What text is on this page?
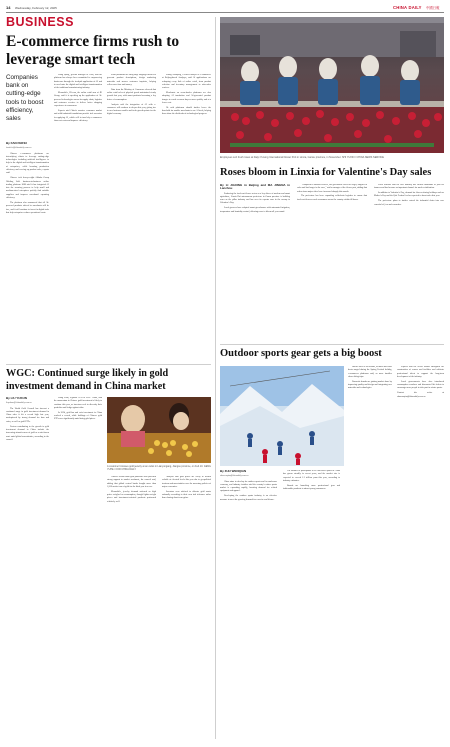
14 Wednesday, February 12, 2025	CHINA DAILY 中國日報
BUSINESS
E-commerce firms rush to leverage smart tech
Companies bank on cutting-edge tools to boost efficiency, sales
By FAN FEIFEI
fanfeifei@chinadaily.com.cn

Chinese e-commerce platforms are intensifying efforts to leverage cutting-edge technologies including artificial intelligence to help in the digital and intelligent transformation of enterprises, while boosting production efficiency and revving up product sales, experts said.

Chinese tech heavyweight Alibaba Group Holding Ltd's business-to-business online trading platform 1688 said it has integrated AI into the sourcing process to help small and medium-sized enterprises quickly find suitable suppliers and improve merchants' operating efficiency.

The platform also announced that all AI-powered products offered to merchants will be free, and it will continue to invest in digital tools that help enterprises reduce operational costs.

Wang Qiang, general manager of 1688, said the platform has always been committed to empowering businesses through the in-depth application of AI and to accelerate the digital and intelligent transformation of the traditional manufacturing industry.

Meanwhile, JD.com, the online retail arm of JD Group, said it is speeding up the application of AI-powered technologies across its supply chain, logistics and customer services to deliver better shopping experiences to consumers.

Experts said China's massive consumer market and solid industrial foundations provide rich scenarios for applying AI, which will in turn help e-commerce firms cut costs and improve efficiency.

Some platforms are using large language models to generate product descriptions, design marketing materials and answer customer inquiries, helping sellers save time and money.

Data from the Ministry of Commerce showed that online retail sales of physical goods maintained steady growth last year, with smart products becoming a key driver of consumption.

Analysts said the integration of AI with e-commerce will continue to deepen this year, giving rise to new business models and fresh growth points for the digital economy.

Zhang Zhouping, a senior analyst of e-commerce at Beijing-based Analysys, said AI applications are reshaping every link of online retail, from product selection and inventory management to after-sales services.

Merchants on cross-border platforms are also adopting AI translation and AI-generated product images to reach overseas buyers more quickly and at a lower cost.

He said platforms should further lower the threshold for smaller merchants to use AI tools, helping them share the dividends of technological progress.

Employees sort fresh roses at Daiyi Yunong International Flower Port in Linxia, Gansu province, in November. SHI YUXIN / CHINA NEWS SERVICE
Roses bloom in Linxia for Valentine's Day sales
By LI JIAXING in Beijing and MA JINGNA in Lanzhou

Producing the fresh-cut flower sector as a key driver of modern and smart agriculture, Linxia Hui autonomous prefecture in Gansu province is building roses as the pillar industry and has seen its exports soar in the run-up to Valentine's Day.

Local growers have adopted smart greenhouses with automated irrigation, temperature and humidity control, allowing roses to bloom all year round.

"Compared to outdoor flowers, our greenhouse roses are larger, brighter in color and last longer in the vase," said a manager of the flower port, adding that orders from major cities have increased sharply this month.

The prefecture has been expanding cold-chain logistics to ensure that fresh-cut flowers reach consumers across the country within 48 hours.

Local officials said the rose industry has created thousands of jobs for farmers and has become an important channel for rural revitalization.

In addition to Valentine's Day, demand for flowers during holidays such as Mother's Day and the Qixi Festival is also expected to boost sales this year.

The prefecture plans to further extend the industrial chain into rose essential oil, tea and cosmetics.

WGC: Continued surge likely in gold investment demand in China market
By LIU YUKUN
liuyukun@chinadaily.com.cn

The World Gold Council has forecast a continued surge in gold investment demand in China after it hit a record high last year, underpinned by strong demand for bars and coins, as well as gold ETFs.

Factors contributing to the growth in gold investment demand in China include the increasing attractiveness of gold as a safe-haven asset amid global uncertainties, according to the council.

Wang Lixin, regional CEO of WGC China, said the momentum in Chinese gold investment is likely to continue this year, as investors seek to diversify their portfolios and hedge against risks.

In 2024, gold bar and coin investment in China reached a record, while holdings of Chinese gold ETFs rose significantly amid rising gold prices.

A customer browses gold jewelry at an outlet in Lianyungang, Jiangsu province, on Feb 10. GENG YUHE / FOR CHINA DAILY

Chinese central bank gold purchases also provided strong support to market sentiment, the council said, adding that global central banks bought more than 1,000 metric tons of gold for the third year in a row.

Meanwhile, jewelry demand softened as high prices weighed on consumption, though lighter-weight pieces and investment-oriented products performed relatively well.

Analysts said gold prices are likely to remain volatile at elevated levels this year due to geopolitical tensions and uncertainties over the monetary policies of major economies.

Investors were advised to allocate gold assets rationally according to their own risk tolerance rather than chasing short-term gains.

Outdoor sports gear gets a big boost
By ZHU WENQIAN
zhuwenqian@chinadaily.com.cn

China aims to develop its outdoor sports and ice-and-snow economy, and industry insiders said the country's winter sports market is expanding rapidly, boosting demand for related equipment and apparel.

Developing the outdoor sports industry is an effective measure to meet the growing demand for exercise and leisure.

The number of participants in ice and snow sports in China has grown steadily in recent years, and the market size is expected to exceed 1.2 trillion yuan this year, according to industry estimates.

Brands are launching more professional gear and fashionable products to attract young consumers.

Online sales of ski boards, helmets and snow boots surged during the Spring Festival holiday, e-commerce platforms said, as more families chose skiing trips.

Domestic brands are gaining market share by improving quality and design and integrating new materials and technologies.

Experts said the sector should strengthen the construction of venues and facilities and cultivate professional talent to support the long-term development of the industry.

Local governments have also introduced consumption vouchers and discounted lift tickets to encourage more people to take part in winter sports.

Contact the writer at zhuwenqian@chinadaily.com.cn
